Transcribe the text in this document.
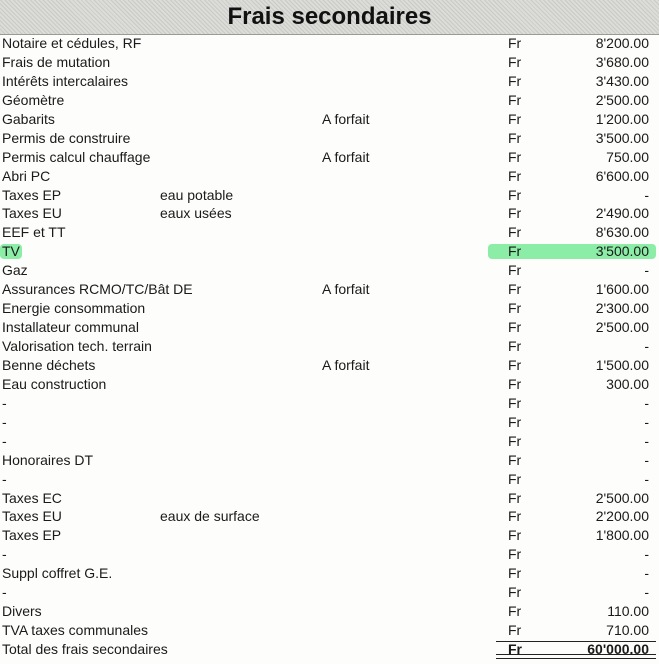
Frais secondaires
Notaire et cédules, RF	Fr	8'200.00
Frais de mutation	Fr	3'680.00
Intérêts intercalaires	Fr	3'430.00
Géomètre	Fr	2'500.00
Gabarits	A forfait	Fr	1'200.00
Permis de construire	Fr	3'500.00
Permis calcul chauffage	A forfait	Fr	750.00
Abri PC	Fr	6'600.00
Taxes EP	eau potable	Fr	-
Taxes EU	eaux usées	Fr	2'490.00
EEF et TT	Fr	8'630.00
TV	Fr	3'500.00
Gaz	Fr	-
Assurances RCMO/TC/Bât DE	A forfait	Fr	1'600.00
Energie consommation	Fr	2'300.00
Installateur communal	Fr	2'500.00
Valorisation tech. terrain	Fr	-
Benne déchets	A forfait	Fr	1'500.00
Eau construction	Fr	300.00
-	Fr	-
-	Fr	-
-	Fr	-
Honoraires DT	Fr	-
-	Fr	-
Taxes EC	Fr	2'500.00
Taxes EU	eaux de surface	Fr	2'200.00
Taxes EP	Fr	1'800.00
-	Fr	-
Suppl coffret G.E.	Fr	-
-	Fr	-
Divers	Fr	110.00
TVA taxes communales	Fr	710.00
Total des frais secondaires	Fr	60'000.00
